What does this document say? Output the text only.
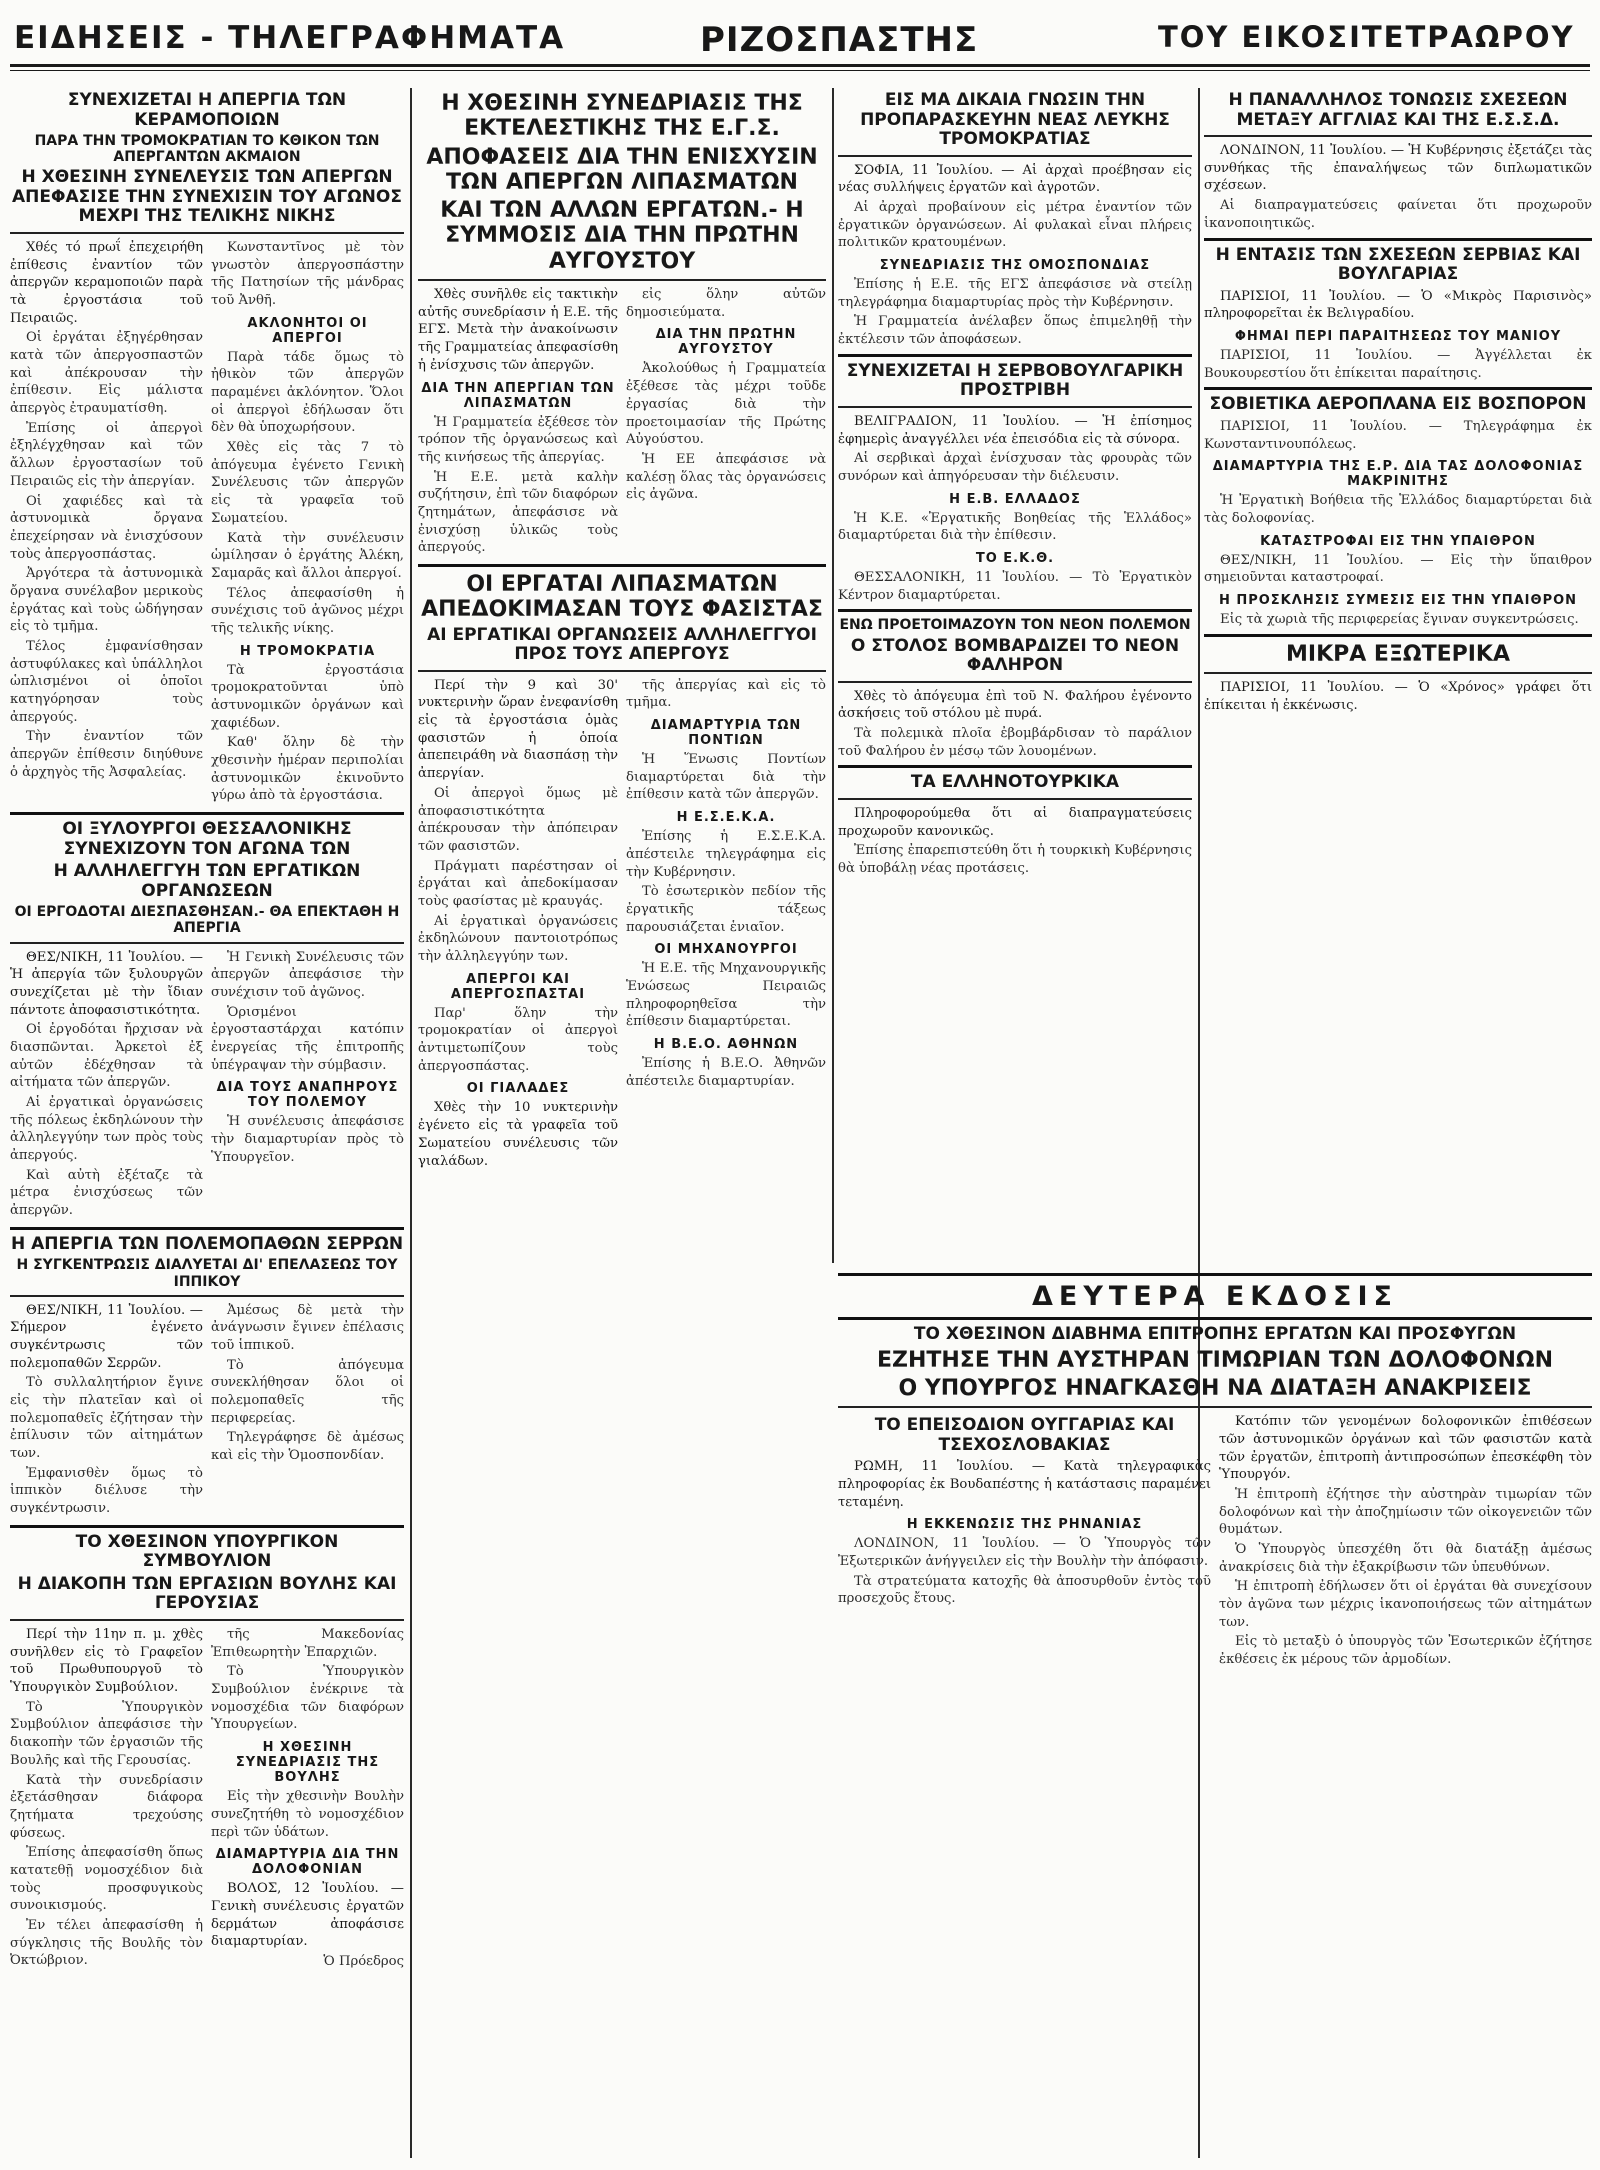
ΕΙΔΗΣΕΙΣ - ΤΗΛΕΓΡΑΦΗΜΑΤΑ	ΡΙΖΟΣΠΑΣΤΗΣ	ΤΟΥ ΕΙΚΟΣΙΤΕΤΡΑΩΡΟΥ
ΣΥΝΕΧΙΖΕΤΑΙ Η ΑΠΕΡΓΙΑ ΤΩΝ ΚΕΡΑΜΟΠΟΙΩΝ
ΠΑΡΑ ΤΗΝ ΤΡΟΜΟΚΡΑΤΙΑΝ ΤΟ ΚΘΙΚΟΝ ΤΩΝ ΑΠΕΡΓΑΝΤΩΝ ΑΚΜΑΙΟΝ
Η ΧΘΕΣΙΝΗ ΣΥΝΕΛΕΥΣΙΣ ΤΩΝ ΑΠΕΡΓΩΝ ΑΠΕΦΑΣΙΣΕ ΤΗΝ ΣΥΝΕΧΙΣΙΝ ΤΟΥ ΑΓΩΝΟΣ ΜΕΧΡΙ ΤΗΣ ΤΕΛΙΚΗΣ ΝΙΚΗΣ

Χθές τό πρωΐ ἐπεχειρήθη ἐπίθεσις ἐναντίον τῶν ἀπεργῶν κεραμοποιῶν παρὰ τὰ ἐργοστάσια τοῦ Πειραιῶς.

Οἱ ἐργάται ἐξηγέρθησαν κατὰ τῶν ἀπεργοσπαστῶν καὶ ἀπέκρουσαν τὴν ἐπίθεσιν. Εἰς μάλιστα ἀπεργὸς ἐτραυματίσθη.

Ἐπίσης οἱ ἀπεργοὶ ἐξηλέγχθησαν καὶ τῶν ἄλλων ἐργοστασίων τοῦ Πειραιῶς εἰς τὴν ἀπεργίαν.

Οἱ χαφιέδες καὶ τὰ ἀστυνομικὰ ὄργανα ἐπεχείρησαν νὰ ἐνισχύσουν τοὺς ἀπεργοσπάστας.

Ἀργότερα τὰ ἀστυνομικὰ ὄργανα συνέλαβον μερικοὺς ἐργάτας καὶ τοὺς ὡδήγησαν εἰς τὸ τμῆμα.

Τέλος ἐμφανίσθησαν ἀστυφύλακες καὶ ὑπάλληλοι ὡπλισμένοι οἱ ὁποῖοι κατηγόρησαν τοὺς ἀπεργούς.

Τὴν ἐναντίον τῶν ἀπεργῶν ἐπίθεσιν διηύθυνε ὁ ἀρχηγὸς τῆς Ἀσφαλείας.

Κωνσταντῖνος μὲ τὸν γνωστὸν ἀπεργοσπάστην τῆς Πατησίων τῆς μάνδρας τοῦ Ἀνθῆ.

ΑΚΛΟΝΗΤΟΙ ΟΙ ΑΠΕΡΓΟΙ

Παρὰ τάδε ὅμως τὸ ἠθικὸν τῶν ἀπεργῶν παραμένει ἀκλόνητον. Ὅλοι οἱ ἀπεργοὶ ἐδήλωσαν ὅτι δὲν θὰ ὑποχωρήσουν.

Χθὲς εἰς τὰς 7 τὸ ἀπόγευμα ἐγένετο Γενικὴ Συνέλευσις τῶν ἀπεργῶν εἰς τὰ γραφεῖα τοῦ Σωματείου.

Κατὰ τὴν συνέλευσιν ὡμίλησαν ὁ ἐργάτης Ἀλέκη, Σαμαρᾶς καὶ ἄλλοι ἀπεργοί.

Τέλος ἀπεφασίσθη ἡ συνέχισις τοῦ ἀγῶνος μέχρι τῆς τελικῆς νίκης.

Η ΤΡΟΜΟΚΡΑΤΙΑ

Τὰ ἐργοστάσια τρομοκρατοῦνται ὑπὸ ἀστυνομικῶν ὀργάνων καὶ χαφιέδων.

Καθ' ὅλην δὲ τὴν χθεσινὴν ἡμέραν περιπολίαι ἀστυνομικῶν ἐκινοῦντο γύρω ἀπὸ τὰ ἐργοστάσια.

ΟΙ ΞΥΛΟΥΡΓΟΙ ΘΕΣΣΑΛΟΝΙΚΗΣ ΣΥΝΕΧΙΖΟΥΝ ΤΟΝ ΑΓΩΝΑ ΤΩΝ
Η ΑΛΛΗΛΕΓΓΥΗ ΤΩΝ ΕΡΓΑΤΙΚΩΝ ΟΡΓΑΝΩΣΕΩΝ
ΟΙ ΕΡΓΟΔΟΤΑΙ ΔΙΕΣΠΑΣΘΗΣΑΝ.- ΘΑ ΕΠΕΚΤΑΘΗ Η ΑΠΕΡΓΙΑ

ΘΕΣ/ΝΙΚΗ, 11 Ἰουλίου. — Ἡ ἀπεργία τῶν ξυλουργῶν συνεχίζεται μὲ τὴν ἴδιαν πάντοτε ἀποφασιστικότητα.

Οἱ ἐργοδόται ἤρχισαν νὰ διασπῶνται. Ἀρκετοὶ ἐξ αὐτῶν ἐδέχθησαν τὰ αἰτήματα τῶν ἀπεργῶν.

Αἱ ἐργατικαὶ ὀργανώσεις τῆς πόλεως ἐκδηλώνουν τὴν ἀλληλεγγύην των πρὸς τοὺς ἀπεργούς.

Καὶ αὐτὴ ἐξέταζε τὰ μέτρα ἐνισχύσεως τῶν ἀπεργῶν.

Ἡ Γενικὴ Συνέλευσις τῶν ἀπεργῶν ἀπεφάσισε τὴν συνέχισιν τοῦ ἀγῶνος.

Ὁρισμένοι ἐργοσταστάρχαι κατόπιν ἐνεργείας τῆς ἐπιτροπῆς ὑπέγραψαν τὴν σύμβασιν.

ΔΙΑ ΤΟΥΣ ΑΝΑΠΗΡΟΥΣ ΤΟΥ ΠΟΛΕΜΟΥ

Ἡ συνέλευσις ἀπεφάσισε τὴν διαμαρτυρίαν πρὸς τὸ Ὑπουργεῖον.

Η ΑΠΕΡΓΙΑ ΤΩΝ ΠΟΛΕΜΟΠΑΘΩΝ ΣΕΡΡΩΝ
Η ΣΥΓΚΕΝΤΡΩΣΙΣ ΔΙΑΛΥΕΤΑΙ ΔΙ' ΕΠΕΛΑΣΕΩΣ ΤΟΥ ΙΠΠΙΚΟΥ

ΘΕΣ/ΝΙΚΗ, 11 Ἰουλίου. — Σήμερον ἐγένετο συγκέντρωσις τῶν πολεμοπαθῶν Σερρῶν.

Τὸ συλλαλητήριον ἔγινε εἰς τὴν πλατεῖαν καὶ οἱ πολεμοπαθεῖς ἐζήτησαν τὴν ἐπίλυσιν τῶν αἰτημάτων των.

Ἐμφανισθὲν ὅμως τὸ ἱππικὸν διέλυσε τὴν συγκέντρωσιν.

Ἀμέσως δὲ μετὰ τὴν ἀνάγνωσιν ἔγινεν ἐπέλασις τοῦ ἱππικοῦ.

Τὸ ἀπόγευμα συνεκλήθησαν ὅλοι οἱ πολεμοπαθεῖς τῆς περιφερείας.

Τηλεγράφησε δὲ ἀμέσως καὶ εἰς τὴν Ὁμοσπονδίαν.

ΤΟ ΧΘΕΣΙΝΟΝ ΥΠΟΥΡΓΙΚΟΝ ΣΥΜΒΟΥΛΙΟΝ
Η ΔΙΑΚΟΠΗ ΤΩΝ ΕΡΓΑΣΙΩΝ ΒΟΥΛΗΣ ΚΑΙ ΓΕΡΟΥΣΙΑΣ

Περί τὴν 11ην π. μ. χθὲς συνῆλθεν εἰς τὸ Γραφεῖον τοῦ Πρωθυπουργοῦ τὸ Ὑπουργικὸν Συμβούλιον.

Τὸ Ὑπουργικὸν Συμβούλιον ἀπεφάσισε τὴν διακοπὴν τῶν ἐργασιῶν τῆς Βουλῆς καὶ τῆς Γερουσίας.

Κατὰ τὴν συνεδρίασιν ἐξετάσθησαν διάφορα ζητήματα τρεχούσης φύσεως.

Ἐπίσης ἀπεφασίσθη ὅπως κατατεθῇ νομοσχέδιον διὰ τοὺς προσφυγικοὺς συνοικισμούς.

Ἐν τέλει ἀπεφασίσθη ἡ σύγκλησις τῆς Βουλῆς τὸν Ὀκτώβριον.

τῆς Μακεδονίας Ἐπιθεωρητὴν Ἐπαρχιῶν.

Τὸ Ὑπουργικὸν Συμβούλιον ἐνέκρινε τὰ νομοσχέδια τῶν διαφόρων Ὑπουργείων.

Η ΧΘΕΣΙΝΗ ΣΥΝΕΔΡΙΑΣΙΣ ΤΗΣ ΒΟΥΛΗΣ

Εἰς τὴν χθεσινὴν Βουλὴν συνεζητήθη τὸ νομοσχέδιον περὶ τῶν ὑδάτων.

ΔΙΑΜΑΡΤΥΡΙΑ ΔΙΑ ΤΗΝ ΔΟΛΟΦΟΝΙΑΝ

ΒΟΛΟΣ, 12 Ἰουλίου. — Γενικὴ συνέλευσις ἐργατῶν δερμάτων ἀποφάσισε διαμαρτυρίαν.

Ὁ Πρόεδρος

Η ΧΘΕΣΙΝΗ ΣΥΝΕΔΡΙΑΣΙΣ ΤΗΣ ΕΚΤΕΛΕΣΤΙΚΗΣ ΤΗΣ Ε.Γ.Σ.
ΑΠΟΦΑΣΕΙΣ ΔΙΑ ΤΗΝ ΕΝΙΣΧΥΣΙΝ ΤΩΝ ΑΠΕΡΓΩΝ ΛΙΠΑΣΜΑΤΩΝ
ΚΑΙ ΤΩΝ ΑΛΛΩΝ ΕΡΓΑΤΩΝ.- Η ΣΥΜΜΟΣΙΣ ΔΙΑ ΤΗΝ ΠΡΩΤΗΝ ΑΥΓΟΥΣΤΟΥ

Χθὲς συνῆλθε εἰς τακτικὴν αὐτῆς συνεδρίασιν ἡ Ε.Ε. τῆς ΕΓΣ. Μετὰ τὴν ἀνακοίνωσιν τῆς Γραμματείας ἀπεφασίσθη ἡ ἐνίσχυσις τῶν ἀπεργῶν.

ΔΙΑ ΤΗΝ ΑΠΕΡΓΙΑΝ ΤΩΝ ΛΙΠΑΣΜΑΤΩΝ

Ἡ Γραμματεία ἐξέθεσε τὸν τρόπον τῆς ὀργανώσεως καὶ τῆς κινήσεως τῆς ἀπεργίας.

Ἡ Ε.Ε. μετὰ καλὴν συζήτησιν, ἐπὶ τῶν διαφόρων ζητημάτων, ἀπεφάσισε νὰ ἐνισχύσῃ ὑλικῶς τοὺς ἀπεργούς.

εἰς ὅλην αὐτῶν δημοσιεύματα.

ΔΙΑ ΤΗΝ ΠΡΩΤΗΝ ΑΥΓΟΥΣΤΟΥ

Ἀκολούθως ἡ Γραμματεία ἐξέθεσε τὰς μέχρι τοῦδε ἐργασίας διὰ τὴν προετοιμασίαν τῆς Πρώτης Αὐγούστου.

Ἡ ΕΕ ἀπεφάσισε νὰ καλέσῃ ὅλας τὰς ὀργανώσεις εἰς ἀγῶνα.

ΟΙ ΕΡΓΑΤΑΙ ΛΙΠΑΣΜΑΤΩΝ ΑΠΕΔΟΚΙΜΑΣΑΝ ΤΟΥΣ ΦΑΣΙΣΤΑΣ
ΑΙ ΕΡΓΑΤΙΚΑΙ ΟΡΓΑΝΩΣΕΙΣ ΑΛΛΗΛΕΓΓΥΟΙ ΠΡΟΣ ΤΟΥΣ ΑΠΕΡΓΟΥΣ

Περί τὴν 9 καὶ 30' νυκτερινὴν ὥραν ἐνεφανίσθη εἰς τὰ ἐργοστάσια ὁμὰς φασιστῶν ἡ ὁποία ἀπεπειράθη νὰ διασπάσῃ τὴν ἀπεργίαν.

Οἱ ἀπεργοὶ ὅμως μὲ ἀποφασιστικότητα ἀπέκρουσαν τὴν ἀπόπειραν τῶν φασιστῶν.

Πράγματι παρέστησαν οἱ ἐργάται καὶ ἀπεδοκίμασαν τοὺς φασίστας μὲ κραυγάς.

Αἱ ἐργατικαὶ ὀργανώσεις ἐκδηλώνουν παντοιοτρόπως τὴν ἀλληλεγγύην των.

ΑΠΕΡΓΟΙ ΚΑΙ ΑΠΕΡΓΟΣΠΑΣΤΑΙ

Παρ' ὅλην τὴν τρομοκρατίαν οἱ ἀπεργοὶ ἀντιμετωπίζουν τοὺς ἀπεργοσπάστας.

ΟΙ ΓΙΑΛΑΔΕΣ

Χθὲς τὴν 10 νυκτερινὴν ἐγένετο εἰς τὰ γραφεῖα τοῦ Σωματείου συνέλευσις τῶν γιαλάδων.

τῆς ἀπεργίας καὶ εἰς τὸ τμῆμα.

ΔΙΑΜΑΡΤΥΡΙΑ ΤΩΝ ΠΟΝΤΙΩΝ

Ἡ Ἕνωσις Ποντίων διαμαρτύρεται διὰ τὴν ἐπίθεσιν κατὰ τῶν ἀπεργῶν.

Η Ε.Σ.Ε.Κ.Α.

Ἐπίσης ἡ Ε.Σ.Ε.Κ.Α. ἀπέστειλε τηλεγράφημα εἰς τὴν Κυβέρνησιν.

Τὸ ἐσωτερικὸν πεδίον τῆς ἐργατικῆς τάξεως παρουσιάζεται ἑνιαῖον.

ΟΙ ΜΗΧΑΝΟΥΡΓΟΙ

Ἡ Ε.Ε. τῆς Μηχανουργικῆς Ἑνώσεως Πειραιῶς πληροφορηθεῖσα τὴν ἐπίθεσιν διαμαρτύρεται.

Η Β.Ε.Ο. ΑΘΗΝΩΝ

Ἐπίσης ἡ Β.Ε.Ο. Ἀθηνῶν ἀπέστειλε διαμαρτυρίαν.

ΕΙΣ ΜΑ ΔΙΚΑΙΑ ΓΝΩΣΙΝ ΤΗΝ ΠΡΟΠΑΡΑΣΚΕΥΗΝ ΝΕΑΣ ΛΕΥΚΗΣ ΤΡΟΜΟΚΡΑΤΙΑΣ

ΣΟΦΙΑ, 11 Ἰουλίου. — Αἱ ἀρχαὶ προέβησαν εἰς νέας συλλήψεις ἐργατῶν καὶ ἀγροτῶν.

Αἱ ἀρχαὶ προβαίνουν εἰς μέτρα ἐναντίον τῶν ἐργατικῶν ὀργανώσεων. Αἱ φυλακαὶ εἶναι πλήρεις πολιτικῶν κρατουμένων.

ΣΥΝΕΔΡΙΑΣΙΣ ΤΗΣ ΟΜΟΣΠΟΝΔΙΑΣ

Ἐπίσης ἡ Ε.Ε. τῆς ΕΓΣ ἀπεφάσισε νὰ στείλῃ τηλεγράφημα διαμαρτυρίας πρὸς τὴν Κυβέρνησιν.

Ἡ Γραμματεία ἀνέλαβεν ὅπως ἐπιμεληθῇ τὴν ἐκτέλεσιν τῶν ἀποφάσεων.

ΣΥΝΕΧΙΖΕΤΑΙ Η ΣΕΡΒΟΒΟΥΛΓΑΡΙΚΗ ΠΡΟΣΤΡΙΒΗ

ΒΕΛΙΓΡΑΔΙΟΝ, 11 Ἰουλίου. — Ἡ ἐπίσημος ἐφημερὶς ἀναγγέλλει νέα ἐπεισόδια εἰς τὰ σύνορα.

Αἱ σερβικαὶ ἀρχαὶ ἐνίσχυσαν τὰς φρουρὰς τῶν συνόρων καὶ ἀπηγόρευσαν τὴν διέλευσιν.

Η Ε.Β. ΕΛΛΑΔΟΣ

Ἡ Κ.Ε. «Ἐργατικῆς Βοηθείας τῆς Ἑλλάδος» διαμαρτύρεται διὰ τὴν ἐπίθεσιν.

ΤΟ Ε.Κ.Θ.

ΘΕΣΣΑΛΟΝΙΚΗ, 11 Ἰουλίου. — Τὸ Ἐργατικὸν Κέντρον διαμαρτύρεται.

ΕΝΩ ΠΡΟΕΤΟΙΜΑΖΟΥΝ ΤΟΝ ΝΕΟΝ ΠΟΛΕΜΟΝ
Ο ΣΤΟΛΟΣ ΒΟΜΒΑΡΔΙΖΕΙ ΤΟ ΝΕΟΝ ΦΑΛΗΡΟΝ

Χθὲς τὸ ἀπόγευμα ἐπὶ τοῦ Ν. Φαλήρου ἐγένοντο ἀσκήσεις τοῦ στόλου μὲ πυρά.

Τὰ πολεμικὰ πλοῖα ἐβομβάρδισαν τὸ παράλιον τοῦ Φαλήρου ἐν μέσῳ τῶν λουομένων.

ΤΑ ΕΛΛΗΝΟΤΟΥΡΚΙΚΑ

Πληροφορούμεθα ὅτι αἱ διαπραγματεύσεις προχωροῦν κανονικῶς.

Ἐπίσης ἐπαρεπιστεύθη ὅτι ἡ τουρκικὴ Κυβέρνησις θὰ ὑποβάλῃ νέας προτάσεις.

Η ΠΑΝΑΛΛΗΛΟΣ ΤΟΝΩΣΙΣ ΣΧΕΣΕΩΝ ΜΕΤΑΞΥ ΑΓΓΛΙΑΣ ΚΑΙ ΤΗΣ Ε.Σ.Σ.Δ.

ΛΟΝΔΙΝΟΝ, 11 Ἰουλίου. — Ἡ Κυβέρνησις ἐξετάζει τὰς συνθήκας τῆς ἐπαναλήψεως τῶν διπλωματικῶν σχέσεων.

Αἱ διαπραγματεύσεις φαίνεται ὅτι προχωροῦν ἱκανοποιητικῶς.

Η ΕΝΤΑΣΙΣ ΤΩΝ ΣΧΕΣΕΩΝ ΣΕΡΒΙΑΣ ΚΑΙ ΒΟΥΛΓΑΡΙΑΣ

ΠΑΡΙΣΙΟΙ, 11 Ἰουλίου. — Ὁ «Μικρὸς Παρισινὸς» πληροφορεῖται ἐκ Βελιγραδίου.

ΦΗΜΑΙ ΠΕΡΙ ΠΑΡΑΙΤΗΣΕΩΣ ΤΟΥ ΜΑΝΙΟΥ

ΠΑΡΙΣΙΟΙ, 11 Ἰουλίου. — Ἀγγέλλεται ἐκ Βουκουρεστίου ὅτι ἐπίκειται παραίτησις.

ΣΟΒΙΕΤΙΚΑ ΑΕΡΟΠΛΑΝΑ ΕΙΣ ΒΟΣΠΟΡΟΝ

ΠΑΡΙΣΙΟΙ, 11 Ἰουλίου. — Τηλεγράφημα ἐκ Κωνσταντινουπόλεως.

ΔΙΑΜΑΡΤΥΡΙΑ ΤΗΣ Ε.Ρ. ΔΙΑ ΤΑΣ ΔΟΛΟΦΟΝΙΑΣ ΜΑΚΡΙΝΙΤΗΣ

Ἡ Ἐργατικὴ Βοήθεια τῆς Ἑλλάδος διαμαρτύρεται διὰ τὰς δολοφονίας.

ΚΑΤΑΣΤΡΟΦΑΙ ΕΙΣ ΤΗΝ ΥΠΑΙΘΡΟΝ

ΘΕΣ/ΝΙΚΗ, 11 Ἰουλίου. — Εἰς τὴν ὕπαιθρον σημειοῦνται καταστροφαί.

Η ΠΡΟΣΚΛΗΣΙΣ ΣΥΜΕΣΙΣ ΕΙΣ ΤΗΝ ΥΠΑΙΘΡΟΝ

Εἰς τὰ χωριὰ τῆς περιφερείας ἔγιναν συγκεντρώσεις.

ΜΙΚΡΑ ΕΞΩΤΕΡΙΚΑ

ΠΑΡΙΣΙΟΙ, 11 Ἰουλίου. — Ὁ «Χρόνος» γράφει ὅτι ἐπίκειται ἡ ἐκκένωσις.

ΔΕΥΤΕΡΑ ΕΚΔΟΣΙΣ
ΤΟ ΧΘΕΣΙΝΟΝ ΔΙΑΒΗΜΑ ΕΠΙΤΡΟΠΗΣ ΕΡΓΑΤΩΝ ΚΑΙ ΠΡΟΣΦΥΓΩΝ
ΕΖΗΤΗΣΕ ΤΗΝ ΑΥΣΤΗΡΑΝ ΤΙΜΩΡΙΑΝ ΤΩΝ ΔΟΛΟΦΟΝΩΝ
Ο ΥΠΟΥΡΓΟΣ ΗΝΑΓΚΑΣΘΗ ΝΑ ΔΙΑΤΑΞΗ ΑΝΑΚΡΙΣΕΙΣ
ΤΟ ΕΠΕΙΣΟΔΙΟΝ ΟΥΓΓΑΡΙΑΣ ΚΑΙ ΤΣΕΧΟΣΛΟΒΑΚΙΑΣ

ΡΩΜΗ, 11 Ἰουλίου. — Κατὰ τηλεγραφικὰς πληροφορίας ἐκ Βουδαπέστης ἡ κατάστασις παραμένει τεταμένη.

Η ΕΚΚΕΝΩΣΙΣ ΤΗΣ ΡΗΝΑΝΙΑΣ

ΛΟΝΔΙΝΟΝ, 11 Ἰουλίου. — Ὁ Ὑπουργὸς τῶν Ἐξωτερικῶν ἀνήγγειλεν εἰς τὴν Βουλὴν τὴν ἀπόφασιν.

Τὰ στρατεύματα κατοχῆς θὰ ἀποσυρθοῦν ἐντὸς τοῦ προσεχοῦς ἔτους.

Κατόπιν τῶν γενομένων δολοφονικῶν ἐπιθέσεων τῶν ἀστυνομικῶν ὀργάνων καὶ τῶν φασιστῶν κατὰ τῶν ἐργατῶν, ἐπιτροπὴ ἀντιπροσώπων ἐπεσκέφθη τὸν Ὑπουργόν.

Ἡ ἐπιτροπὴ ἐζήτησε τὴν αὐστηρὰν τιμωρίαν τῶν δολοφόνων καὶ τὴν ἀποζημίωσιν τῶν οἰκογενειῶν τῶν θυμάτων.

Ὁ Ὑπουργὸς ὑπεσχέθη ὅτι θὰ διατάξῃ ἀμέσως ἀνακρίσεις διὰ τὴν ἐξακρίβωσιν τῶν ὑπευθύνων.

Ἡ ἐπιτροπὴ ἐδήλωσεν ὅτι οἱ ἐργάται θὰ συνεχίσουν τὸν ἀγῶνα των μέχρις ἱκανοποιήσεως τῶν αἰτημάτων των.

Εἰς τὸ μεταξὺ ὁ ὑπουργὸς τῶν Ἐσωτερικῶν ἐζήτησε ἐκθέσεις ἐκ μέρους τῶν ἀρμοδίων.
